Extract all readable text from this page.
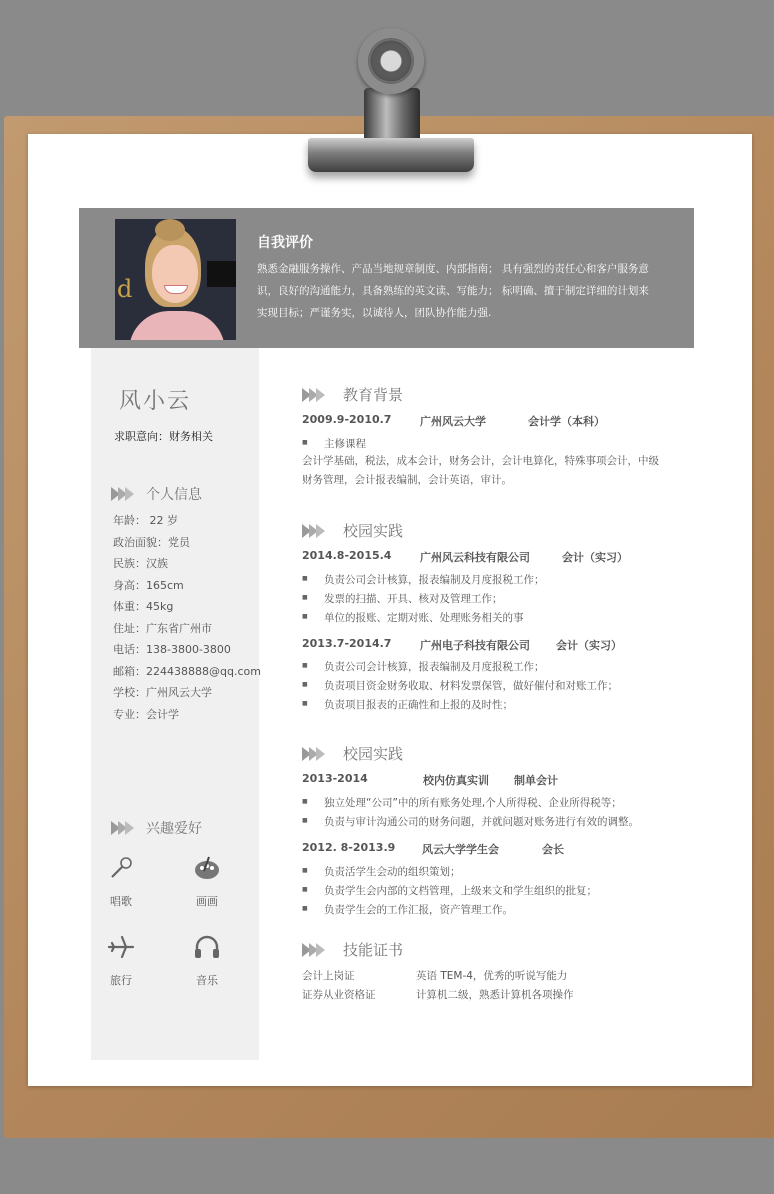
d
自我评价
熟悉金融服务操作、产品当地规章制度、内部指南； 具有强烈的责任心和客户服务意识，良好的沟通能力，具备熟练的英文读、写能力； 标明确、擅于制定详细的计划来实现目标；严谨务实，以诚待人，团队协作能力强.
风小云
求职意向：财务相关
个人信息
年龄： 22 岁
政治面貌：党员
民族：汉族
身高：165cm
体重：45kg
住址：广东省广州市
电话：138-3800-3800
邮箱：224438888@qq.com
学校：广州风云大学
专业：会计学
兴趣爱好
唱歌	画画
旅行	音乐
教育背景
2009.9-2010.7	广州风云大学	会计学（本科）
主修课程
会计学基础，税法，成本会计，财务会计，会计电算化，特殊事项会计，中级财务管理，会计报表编制，会计英语，审计。
校园实践
2014.8-2015.4	广州风云科技有限公司	会计（实习）
负责公司会计核算，报表编制及月度报税工作；
发票的扫描、开具、核对及管理工作；
单位的报账、定期对账、处理账务相关的事
2013.7-2014.7	广州电子科技有限公司 会计（实习）
负责公司会计核算，报表编制及月度报税工作；
负责项目资金财务收取、材料发票保管，做好催付和对账工作；
负责项目报表的正确性和上报的及时性；
校园实践
2013-2014	校内仿真实训 制单会计
独立处理“公司”中的所有账务处理,个人所得税、企业所得税等；
负责与审计沟通公司的财务问题，并就问题对账务进行有效的调整。
2012. 8-2013.9 风云大学学生会	会长
负责活学生会动的组织策划；
负责学生会内部的文档管理，上级来文和学生组织的批复；
负责学生会的工作汇报，资产管理工作。
技能证书
会计上岗证	英语 TEM-4，优秀的听说写能力
证券从业资格证	计算机二级，熟悉计算机各项操作
